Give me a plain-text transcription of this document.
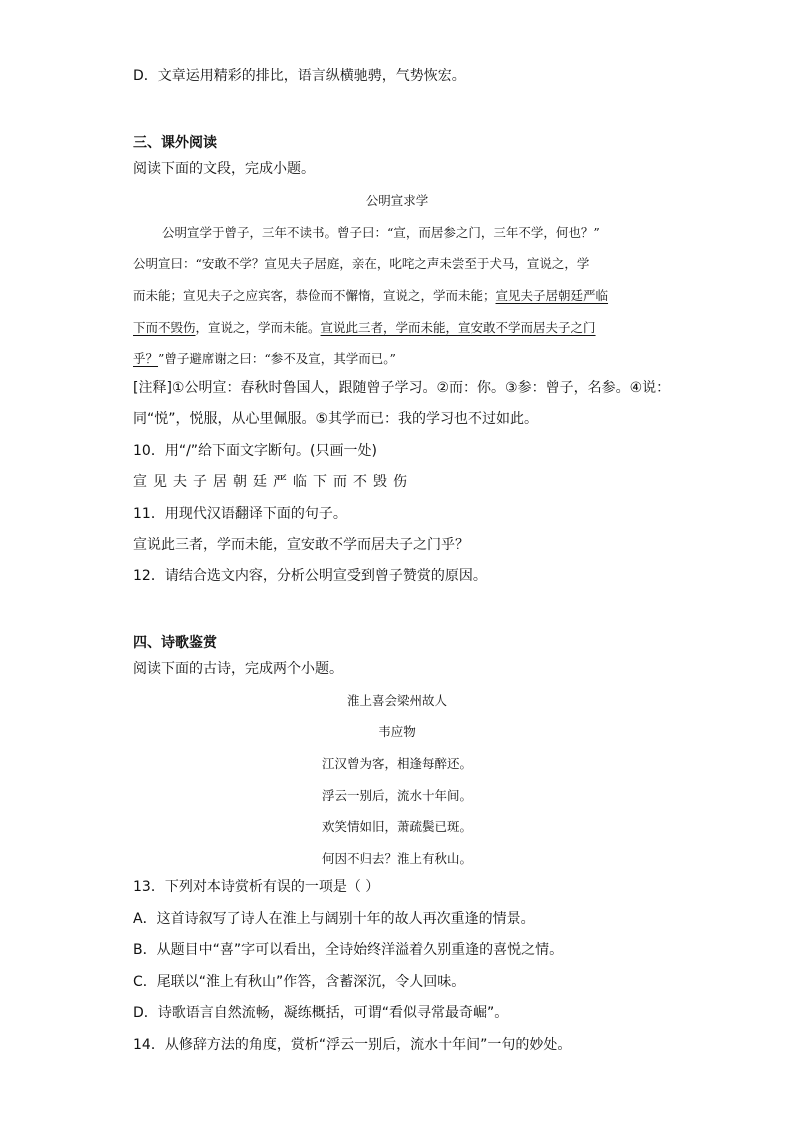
D．文章运用精彩的排比，语言纵横驰骋，气势恢宏。
三、课外阅读
阅读下面的文段，完成小题。
公明宣求学
公明宣学于曾子，三年不读书。曾子曰：“宣，而居参之门，三年不学，何也？”
公明宣曰：“安敢不学？宣见夫子居庭，亲在，叱咤之声未尝至于犬马，宣说之，学
而未能；宣见夫子之应宾客，恭俭而不懈惰，宣说之，学而未能；宣见夫子居朝廷严临
下而不毁伤，宣说之，学而未能。宣说此三者，学而未能，宣安敢不学而居夫子之门
乎？”曾子避席谢之曰：“参不及宣，其学而已。”
[注释]①公明宣：春秋时鲁国人，跟随曾子学习。②而：你。③参：曾子，名参。④说：
同“悦”，悦服，从心里佩服。⑤其学而已：我的学习也不过如此。
10．用“/”给下面文字断句。(只画一处)
宣见夫子居朝廷严临下而不毁伤
11．用现代汉语翻译下面的句子。
宣说此三者，学而未能，宣安敢不学而居夫子之门乎？
12．请结合选文内容，分析公明宣受到曾子赞赏的原因。
四、诗歌鉴赏
阅读下面的古诗，完成两个小题。
淮上喜会梁州故人
韦应物
江汉曾为客，相逢每醉还。
浮云一别后，流水十年间。
欢笑情如旧，萧疏鬓已斑。
何因不归去？淮上有秋山。
13．下列对本诗赏析有误的一项是（ ）
A．这首诗叙写了诗人在淮上与阔别十年的故人再次重逢的情景。
B．从题目中“喜”字可以看出，全诗始终洋溢着久别重逢的喜悦之情。
C．尾联以“淮上有秋山”作答，含蓄深沉，令人回味。
D．诗歌语言自然流畅，凝练概括，可谓“看似寻常最奇崛”。
14．从修辞方法的角度，赏析“浮云一别后，流水十年间”一句的妙处。
